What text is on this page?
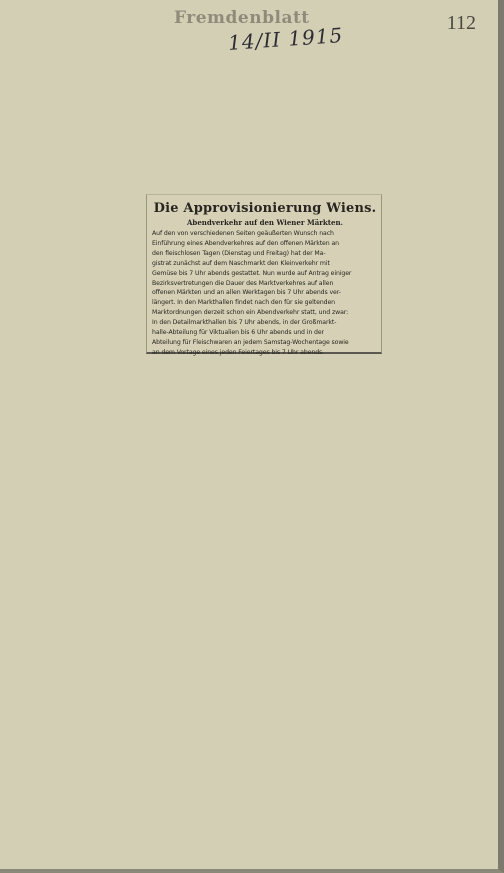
Fremdenblatt	112
14/II 1915
Die Approvisionierung Wiens.
Abendverkehr auf den Wiener Märkten.
Auf den von verschiedenen Seiten geäußerten Wunsch nach
Einführung eines Abendverkehres auf den offenen Märkten an
den fleischlosen Tagen (Dienstag und Freitag) hat der Ma-
gistrat zunächst auf dem Naschmarkt den Kleinverkehr mit
Gemüse bis 7 Uhr abends gestattet. Nun wurde auf Antrag einiger
Bezirksvertretungen die Dauer des Marktverkehres auf allen
offenen Märkten und an allen Werktagen bis 7 Uhr abends ver-
längert. In den Markthallen findet nach den für sie geltenden
Marktordnungen derzeit schon ein Abendverkehr statt, und zwar:
In den Detailmarkthallen bis 7 Uhr abends, in der Großmarkt-
halle-Abteilung für Viktualien bis 6 Uhr abends und in der
Abteilung für Fleischwaren an jedem Samstag-Wochentage sowie
an dem Vortage eines jeden Feiertages bis 7 Uhr abends.
